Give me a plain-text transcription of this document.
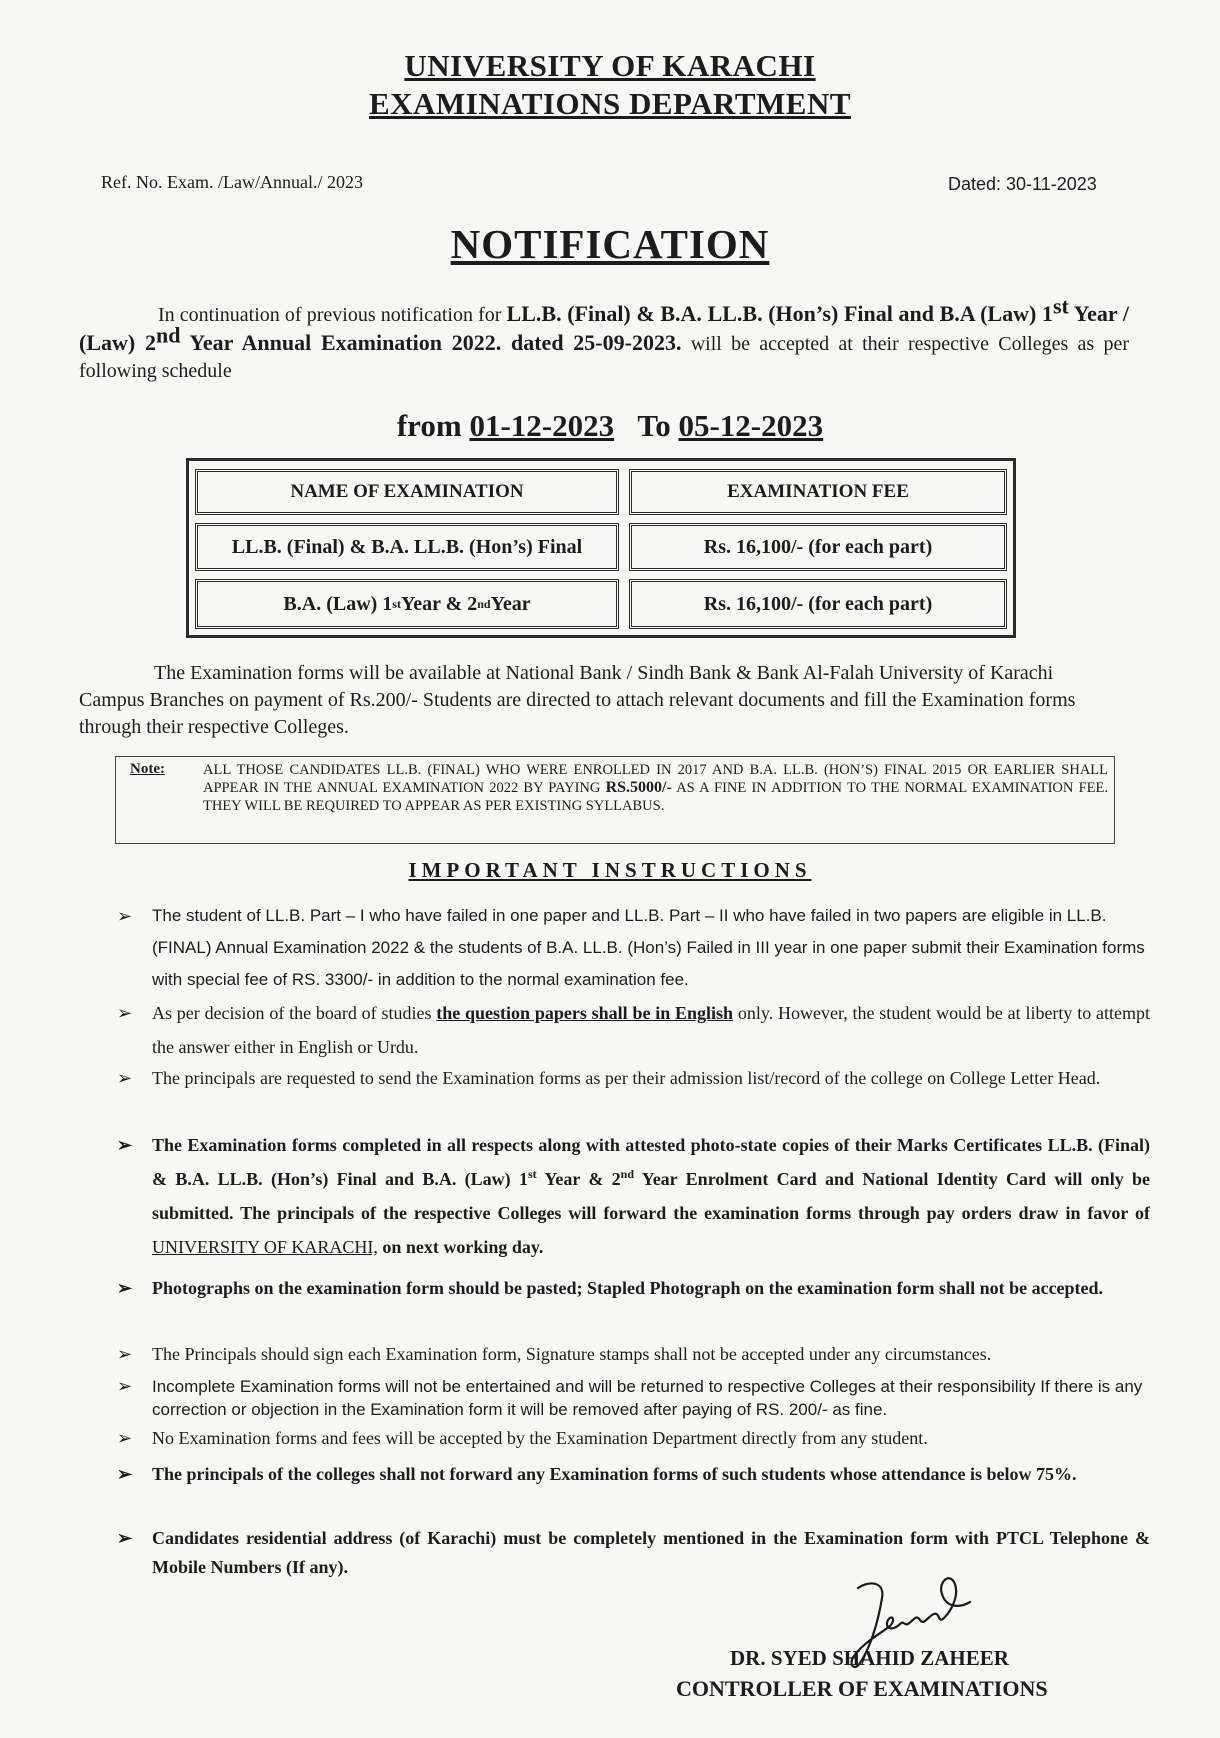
UNIVERSITY OF KARACHI
EXAMINATIONS DEPARTMENT
Ref. No. Exam. /Law/Annual./ 2023	Dated: 30-11-2023
NOTIFICATION
In continuation of previous notification for LL.B. (Final) & B.A. LL.B. (Hon’s) Final and B.A (Law) 1st Year / (Law) 2nd Year Annual Examination 2022. dated 25-09-2023. will be accepted at their respective Colleges as per following schedule
from 01-12-2023 To 05-12-2023
NAME OF EXAMINATION	EXAMINATION FEE
LL.B. (Final) & B.A. LL.B. (Hon’s) Final	Rs. 16,100/- (for each part)
B.A. (Law) 1 st Year & 2 nd Year	Rs. 16,100/- (for each part)
The Examination forms will be available at National Bank / Sindh Bank & Bank Al-Falah University of Karachi Campus Branches on payment of Rs.200/- Students are directed to attach relevant documents and fill the Examination forms through their respective Colleges.
Note:	ALL THOSE CANDIDATES LL.B. (FINAL) WHO WERE ENROLLED IN 2017 AND B.A. LL.B. (HON’S) FINAL 2015 OR EARLIER SHALL APPEAR IN THE ANNUAL EXAMINATION 2022 BY PAYING RS.5000/- AS A FINE IN ADDITION TO THE NORMAL EXAMINATION FEE. THEY WILL BE REQUIRED TO APPEAR AS PER EXISTING SYLLABUS.
IMPORTANT INSTRUCTIONS
➢ The student of LL.B. Part – I who have failed in one paper and LL.B. Part – II who have failed in two papers are eligible in LL.B. (FINAL) Annual Examination 2022 & the students of B.A. LL.B. (Hon’s) Failed in III year in one paper submit their Examination forms with special fee of RS. 3300/- in addition to the normal examination fee.
➢ As per decision of the board of studies the question papers shall be in English only. However, the student would be at liberty to attempt the answer either in English or Urdu.
➢ The principals are requested to send the Examination forms as per their admission list/record of the college on College Letter Head.
➢ The Examination forms completed in all respects along with attested photo-state copies of their Marks Certificates LL.B. (Final) & B.A. LL.B. (Hon’s) Final and B.A. (Law) 1st Year & 2nd Year Enrolment Card and National Identity Card will only be submitted. The principals of the respective Colleges will forward the examination forms through pay orders draw in favor of UNIVERSITY OF KARACHI, on next working day.
➢ Photographs on the examination form should be pasted; Stapled Photograph on the examination form shall not be accepted.
➢ The Principals should sign each Examination form, Signature stamps shall not be accepted under any circumstances.
➢ Incomplete Examination forms will not be entertained and will be returned to respective Colleges at their responsibility If there is any correction or objection in the Examination form it will be removed after paying of RS. 200/- as fine.
➢ No Examination forms and fees will be accepted by the Examination Department directly from any student.
➢ The principals of the colleges shall not forward any Examination forms of such students whose attendance is below 75%.
➢ Candidates residential address (of Karachi) must be completely mentioned in the Examination form with PTCL Telephone & Mobile Numbers (If any).
DR. SYED SHAHID ZAHEER
CONTROLLER OF EXAMINATIONS
